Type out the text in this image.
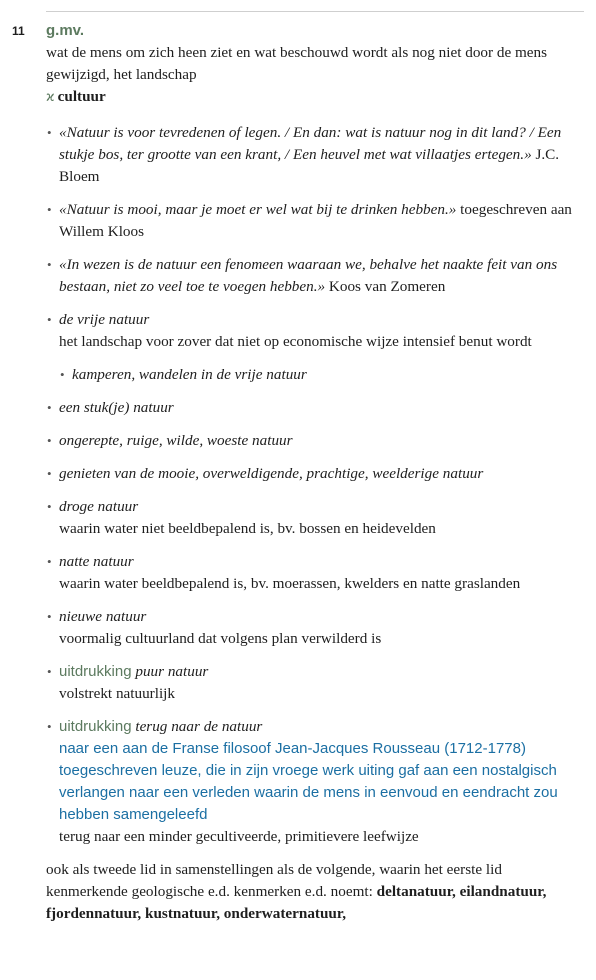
11 g.mv.

wat de mens om zich heen ziet en wat beschouwd wordt als nog niet door de mens gewijzigd, het landschap

ϰ cultuur

• «Natuur is voor tevredenen of legen. / En dan: wat is natuur nog in dit land? / Een stukje bos, ter grootte van een krant, / Een heuvel met wat villaatjes ertegen.» J.C. Bloem
• «Natuur is mooi, maar je moet er wel wat bij te drinken hebben.» toegeschreven aan Willem Kloos
• «In wezen is de natuur een fenomeen waaraan we, behalve het naakte feit van ons bestaan, niet zo veel toe te voegen hebben.» Koos van Zomeren
• de vrije natuur
het landschap voor zover dat niet op economische wijze intensief benut wordt
• kamperen, wandelen in de vrije natuur
• een stuk(je) natuur
• ongerepte, ruige, wilde, woeste natuur
• genieten van de mooie, overweldigende, prachtige, weelderige natuur
• droge natuur
waarin water niet beeldbepalend is, bv. bossen en heidevelden
• natte natuur
waarin water beeldbepalend is, bv. moerassen, kwelders en natte graslanden
• nieuwe natuur
voormalig cultuurland dat volgens plan verwilderd is
• uitdrukking puur natuur
volstrekt natuurlijk
• uitdrukking terug naar de natuur
naar een aan de Franse filosoof Jean-Jacques Rousseau (1712-1778) toegeschreven leuze, die in zijn vroege werk uiting gaf aan een nostalgisch verlangen naar een verleden waarin de mens in eenvoud en eendracht zou hebben samengeleefd
terug naar een minder gecultiveerde, primitievere leefwijze

ook als tweede lid in samenstellingen als de volgende, waarin het eerste lid kenmerkende geologische e.d. kenmerken e.d. noemt: deltanatuur, eilandnatuur, fjordennatuur, kustnatuur, onderwaternatuur,
